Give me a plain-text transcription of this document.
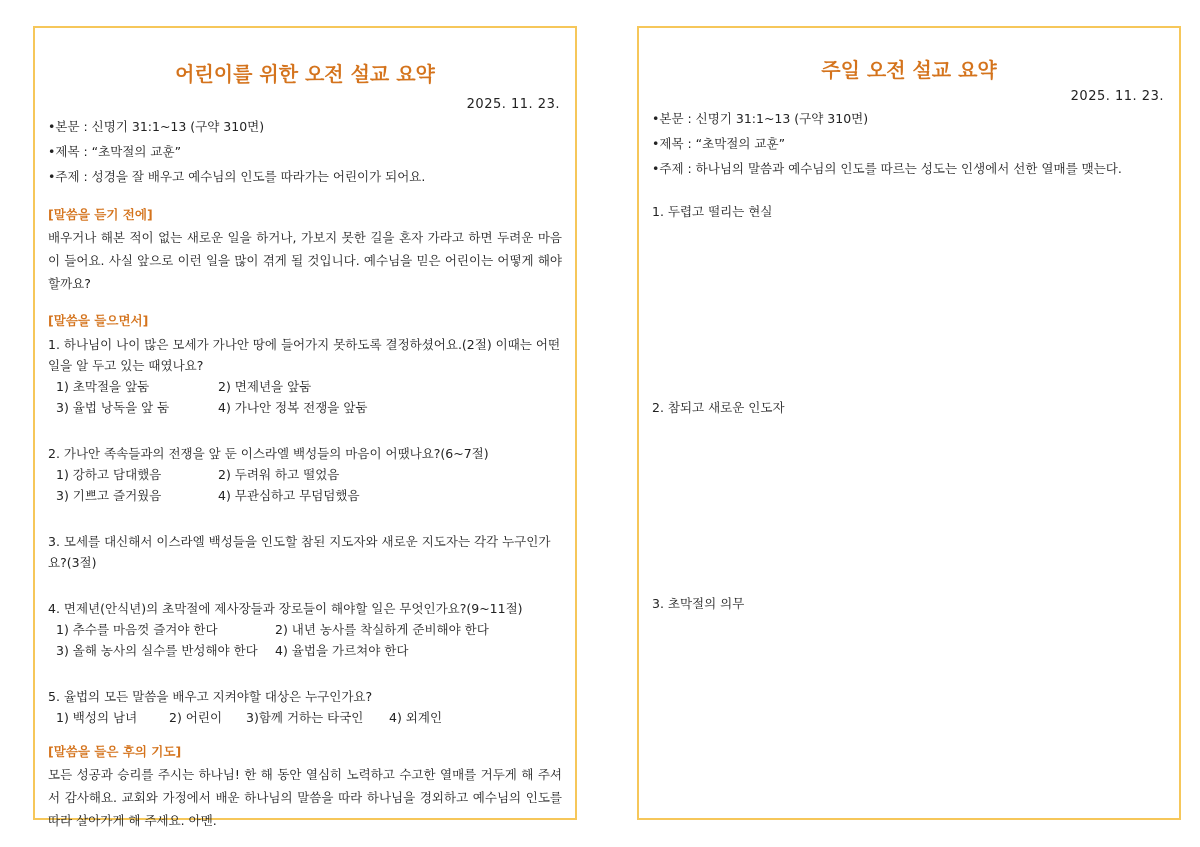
어린이를 위한 오전 설교 요약
2025. 11. 23.
•본문 : 신명기 31:1~13 (구약 310면)
•제목 : “초막절의 교훈”
•주제 : 성경을 잘 배우고 예수님의 인도를 따라가는 어린이가 되어요.
[말씀을 듣기 전에]
배우거나 해본 적이 없는 새로운 일을 하거나, 가보지 못한 길을 혼자 가라고 하면 두려운 마음이 들어요. 사실 앞으로 이런 일을 많이 겪게 될 것입니다. 예수님을 믿은 어린이는 어떻게 해야할까요?
[말씀을 들으면서]
1. 하나님이 나이 많은 모세가 가나안 땅에 들어가지 못하도록 결정하셨어요.(2절) 이때는 어떤 일을 알 두고 있는 때였나요?
1) 초막절을 앞둠	2) 면제년을 앞둠
3) 율법 낭독을 앞 둠	4) 가나안 정복 전쟁을 앞둠
2. 가나안 족속들과의 전쟁을 앞 둔 이스라엘 백성들의 마음이 어땠나요?(6~7절)
1) 강하고 담대했음	2) 두려워 하고 떨었음
3) 기쁘고 즐거웠음	4) 무관심하고 무덤덤했음
3. 모세를 대신해서 이스라엘 백성들을 인도할 참된 지도자와 새로운 지도자는 각각 누구인가요?(3절)
4. 면제년(안식년)의 초막절에 제사장들과 장로들이 해야할 일은 무엇인가요?(9~11절)
1) 추수를 마음껏 즐겨야 한다	2) 내년 농사를 착실하게 준비해야 한다
3) 올해 농사의 실수를 반성해야 한다	4) 율법을 가르쳐야 한다
5. 율법의 모든 말씀을 배우고 지켜야할 대상은 누구인가요?
1) 백성의 남녀	2) 어린이	3)함께 거하는 타국인	4) 외계인
[말씀을 들은 후의 기도]
모든 성공과 승리를 주시는 하나님! 한 해 동안 열심히 노력하고 수고한 열매를 거두게 해 주셔서 감사해요. 교회와 가정에서 배운 하나님의 말씀을 따라 하나님을 경외하고 예수님의 인도를 따라 살아가게 해 주세요. 아멘.
주일 오전 설교 요약
2025. 11. 23.
•본문 : 신명기 31:1~13 (구약 310면)
•제목 : “초막절의 교훈”
•주제 : 하나님의 말씀과 예수님의 인도를 따르는 성도는 인생에서 선한 열매를 맺는다.
1. 두렵고 떨리는 현실
2. 참되고 새로운 인도자
3. 초막절의 의무
